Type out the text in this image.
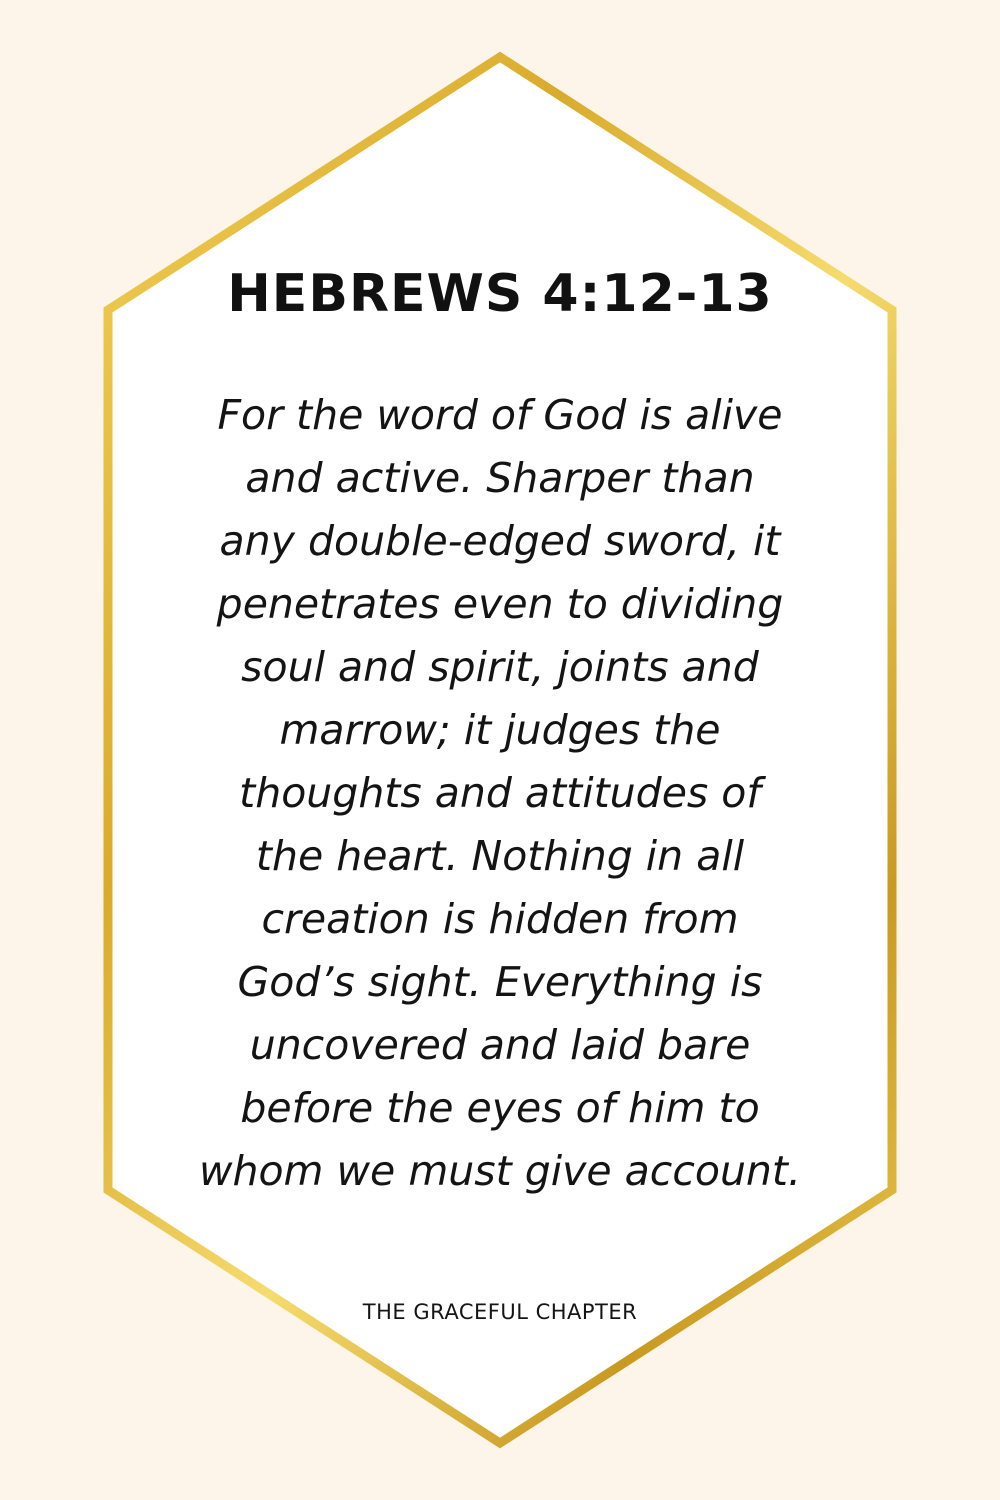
HEBREWS 4:12-13
For the word of God is alive
and active. Sharper than
any double-edged sword, it
penetrates even to dividing
soul and spirit, joints and
marrow; it judges the
thoughts and attitudes of
the heart. Nothing in all
creation is hidden from
God’s sight. Everything is
uncovered and laid bare
before the eyes of him to
whom we must give account.

THE GRACEFUL CHAPTER
